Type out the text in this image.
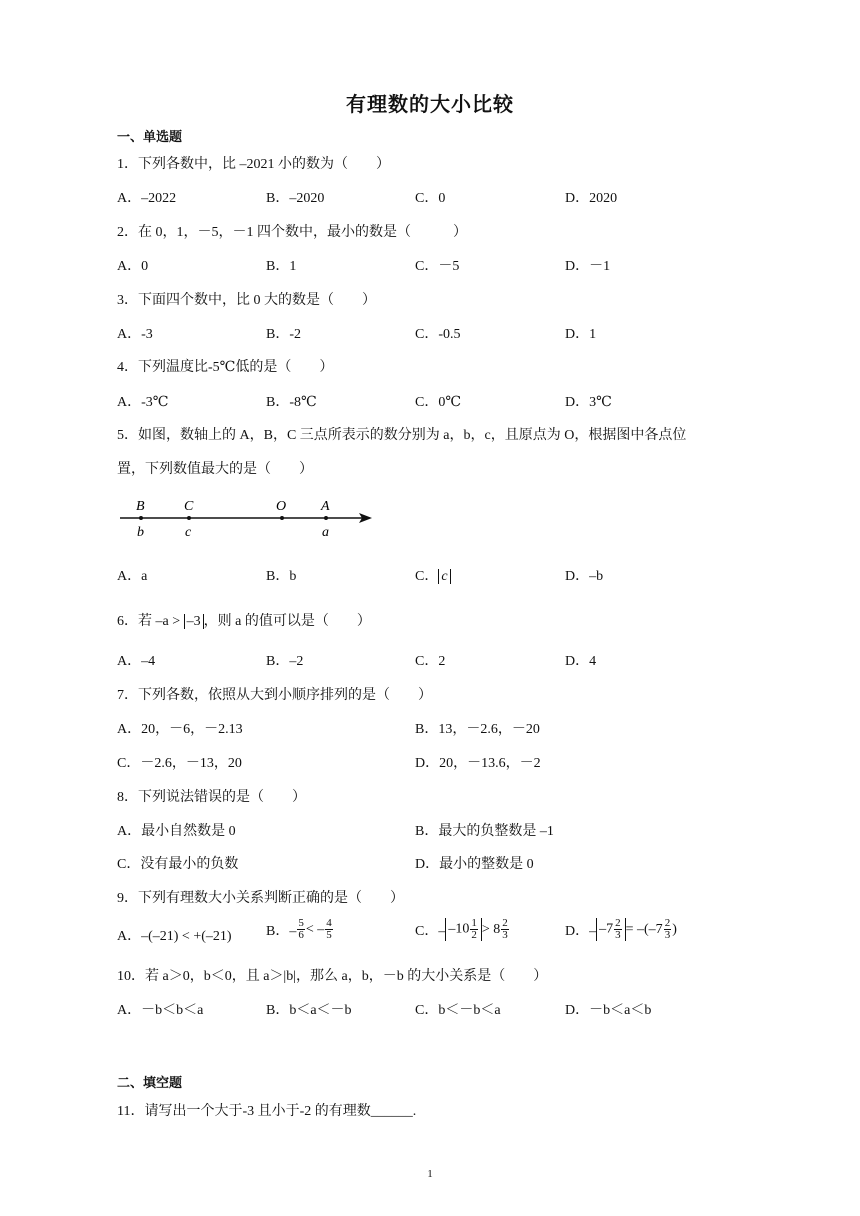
有理数的大小比较
一、单选题
1．下列各数中，比 –2021 小的数为（　　）
A．–2022	B．–2020	C．0	D．2020
2．在 0，1，－5，－1 四个数中，最小的数是（　　　）
A．0	B．1	C．－5	D．－1
3．下面四个数中，比 0 大的数是（　　）
A．-3	B．-2	C．-0.5	D．1
4．下列温度比-5℃低的是（　　）
A．-3℃	B．-8℃	C．0℃	D．3℃
5．如图，数轴上的 A，B，C 三点所表示的数分别为 a，b，c，且原点为 O，根据图中各点位
置，下列数值最大的是（　　）
B	C	O A
b	c	a
A．a	B．b	C． c	D．–b
6．若 –a > –3 ，则 a 的值可以是（　　）
A．–4	B．–2	C．2	D．4
7．下列各数，依照从大到小顺序排列的是（　　）
A．20，－6，－2.13	B．13，－2.6，－20
C．－2.6，－13，20	D．20，－13.6，－2
8．下列说法错误的是（　　）
A．最小自然数是 0	B．最大的负整数是 –1
C．没有最小的负数	D．最小的整数是 0
9．下列有理数大小关系判断正确的是（　　）
A．–(–21) < +(–21) B．– $\frac{5}{6}$ < – $\frac{4}{5}$	C．– $-10 \frac{1}{2} > 8 \frac{2}{3}$	D．– $-7 \frac{2}{3} = -(-7 \frac{2}{3}$ )
10．若 a＞0，b＜0，且 a＞|b|，那么 a，b，－b 的大小关系是（　　）
A．－b＜b＜a	B．b＜a＜－b	C．b＜－b＜a	D．－b＜a＜b
二、填空题
11．请写出一个大于-3 且小于-2 的有理数______.
1
